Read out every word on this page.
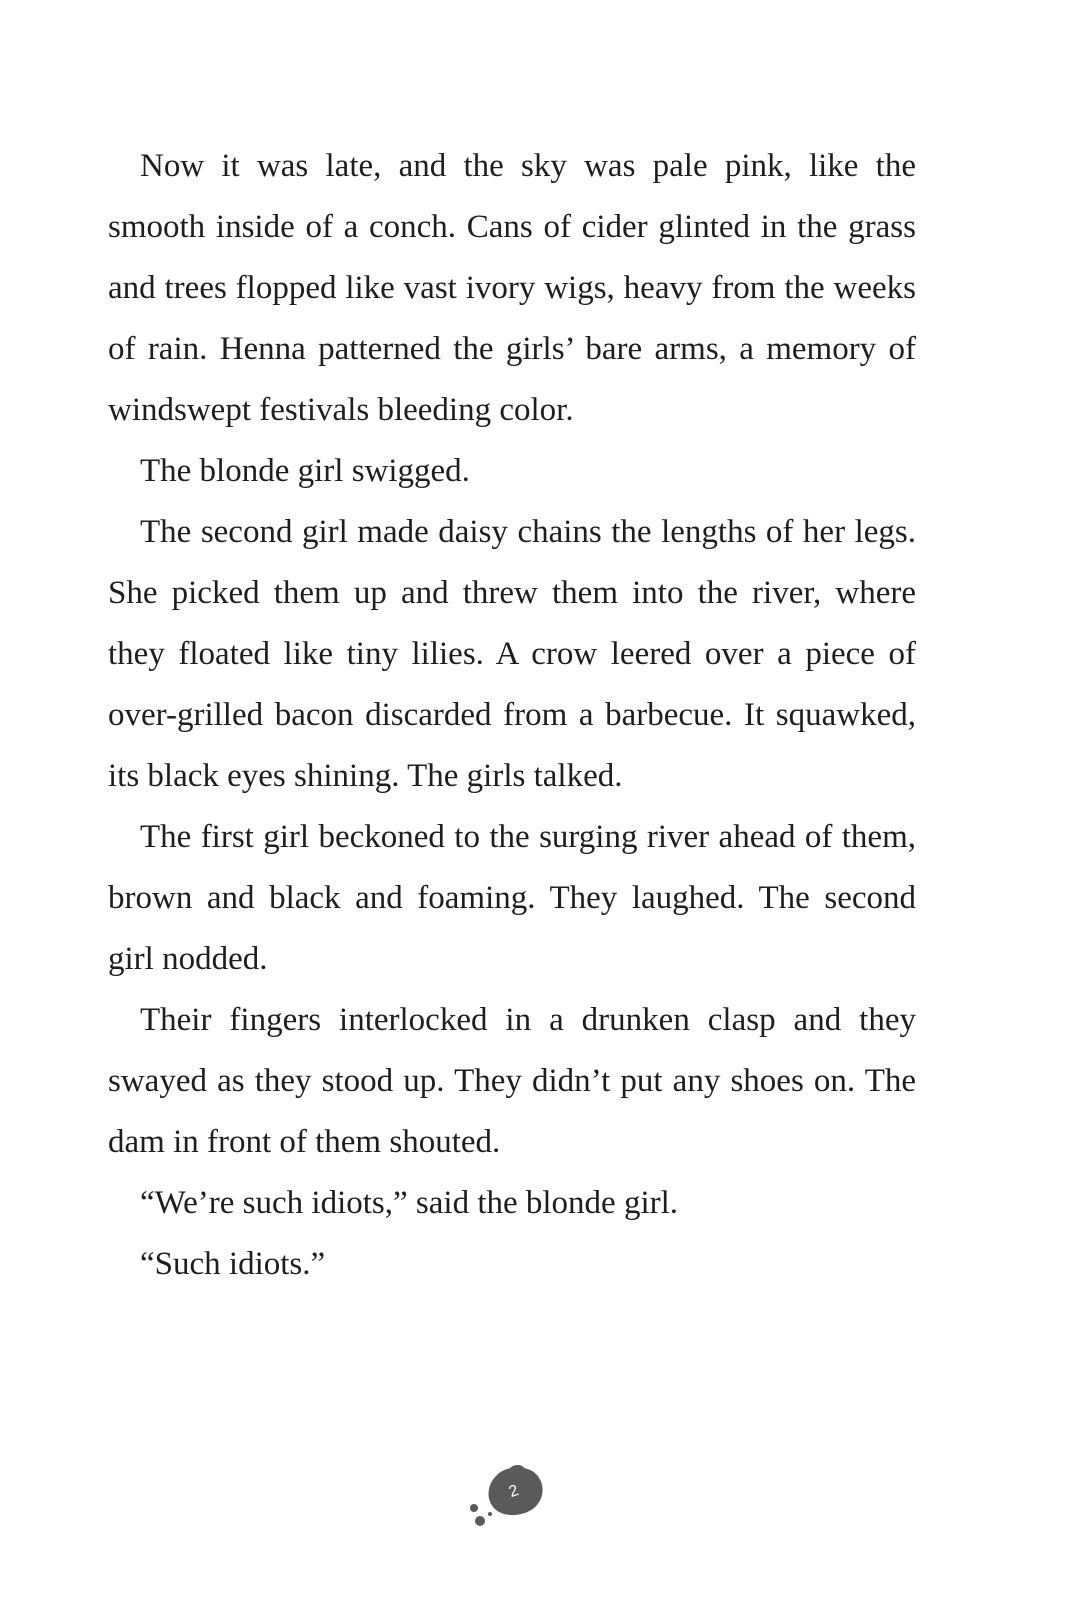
Now it was late, and the sky was pale pink, like the smooth inside of a conch. Cans of cider glinted in the grass and trees flopped like vast ivory wigs, heavy from the weeks of rain. Henna patterned the girls’ bare arms, a memory of windswept festivals bleeding color.

The blonde girl swigged.

The second girl made daisy chains the lengths of her legs. She picked them up and threw them into the river, where they floated like tiny lilies. A crow leered over a piece of over-grilled bacon discarded from a barbecue. It squawked, its black eyes shining. The girls talked.

The first girl beckoned to the surging river ahead of them, brown and black and foaming. They laughed. The second girl nodded.

Their fingers interlocked in a drunken clasp and they swayed as they stood up. They didn’t put any shoes on. The dam in front of them shouted.

“We’re such idiots,” said the blonde girl.

“Such idiots.”

2
